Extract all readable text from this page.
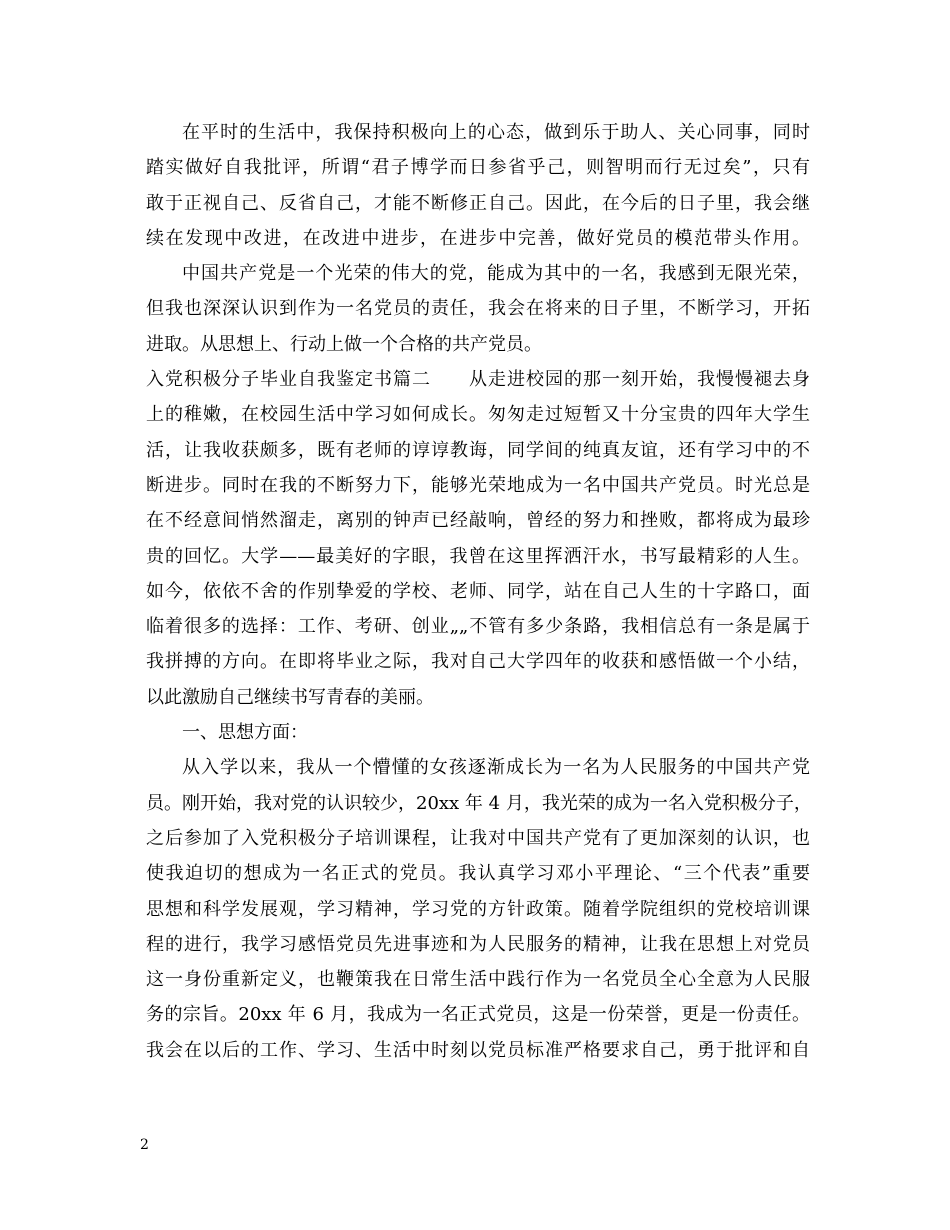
在平时的生活中，我保持积极向上的心态，做到乐于助人、关心同事，同时
踏实做好自我批评，所谓“君子博学而日参省乎己，则智明而行无过矣”，只有
敢于正视自己、反省自己，才能不断修正自己。因此，在今后的日子里，我会继
续在发现中改进，在改进中进步，在进步中完善，做好党员的模范带头作用。
中国共产党是一个光荣的伟大的党，能成为其中的一名，我感到无限光荣，
但我也深深认识到作为一名党员的责任，我会在将来的日子里，不断学习，开拓
进取。从思想上、行动上做一个合格的共产党员。
入党积极分子毕业自我鉴定书篇二　　从走进校园的那一刻开始，我慢慢褪去身
上的稚嫩，在校园生活中学习如何成长。匆匆走过短暂又十分宝贵的四年大学生
活，让我收获颇多，既有老师的谆谆教诲，同学间的纯真友谊，还有学习中的不
断进步。同时在我的不断努力下，能够光荣地成为一名中国共产党员。时光总是
在不经意间悄然溜走，离别的钟声已经敲响，曾经的努力和挫败，都将成为最珍
贵的回忆。大学——最美好的字眼，我曾在这里挥洒汗水，书写最精彩的人生。
如今，依依不舍的作别挚爱的学校、老师、同学，站在自己人生的十字路口，面
临着很多的选择：工作、考研、创业„„不管有多少条路，我相信总有一条是属于
我拼搏的方向。在即将毕业之际，我对自己大学四年的收获和感悟做一个小结，
以此激励自己继续书写青春的美丽。
一、思想方面：
从入学以来，我从一个懵懂的女孩逐渐成长为一名为人民服务的中国共产党
员。刚开始，我对党的认识较少，20xx 年 4 月，我光荣的成为一名入党积极分子，
之后参加了入党积极分子培训课程，让我对中国共产党有了更加深刻的认识，也
使我迫切的想成为一名正式的党员。我认真学习邓小平理论、“三个代表”重要
思想和科学发展观，学习精神，学习党的方针政策。随着学院组织的党校培训课
程的进行，我学习感悟党员先进事迹和为人民服务的精神，让我在思想上对党员
这一身份重新定义，也鞭策我在日常生活中践行作为一名党员全心全意为人民服
务的宗旨。20xx 年 6 月，我成为一名正式党员，这是一份荣誉，更是一份责任。
我会在以后的工作、学习、生活中时刻以党员标准严格要求自己，勇于批评和自
2
